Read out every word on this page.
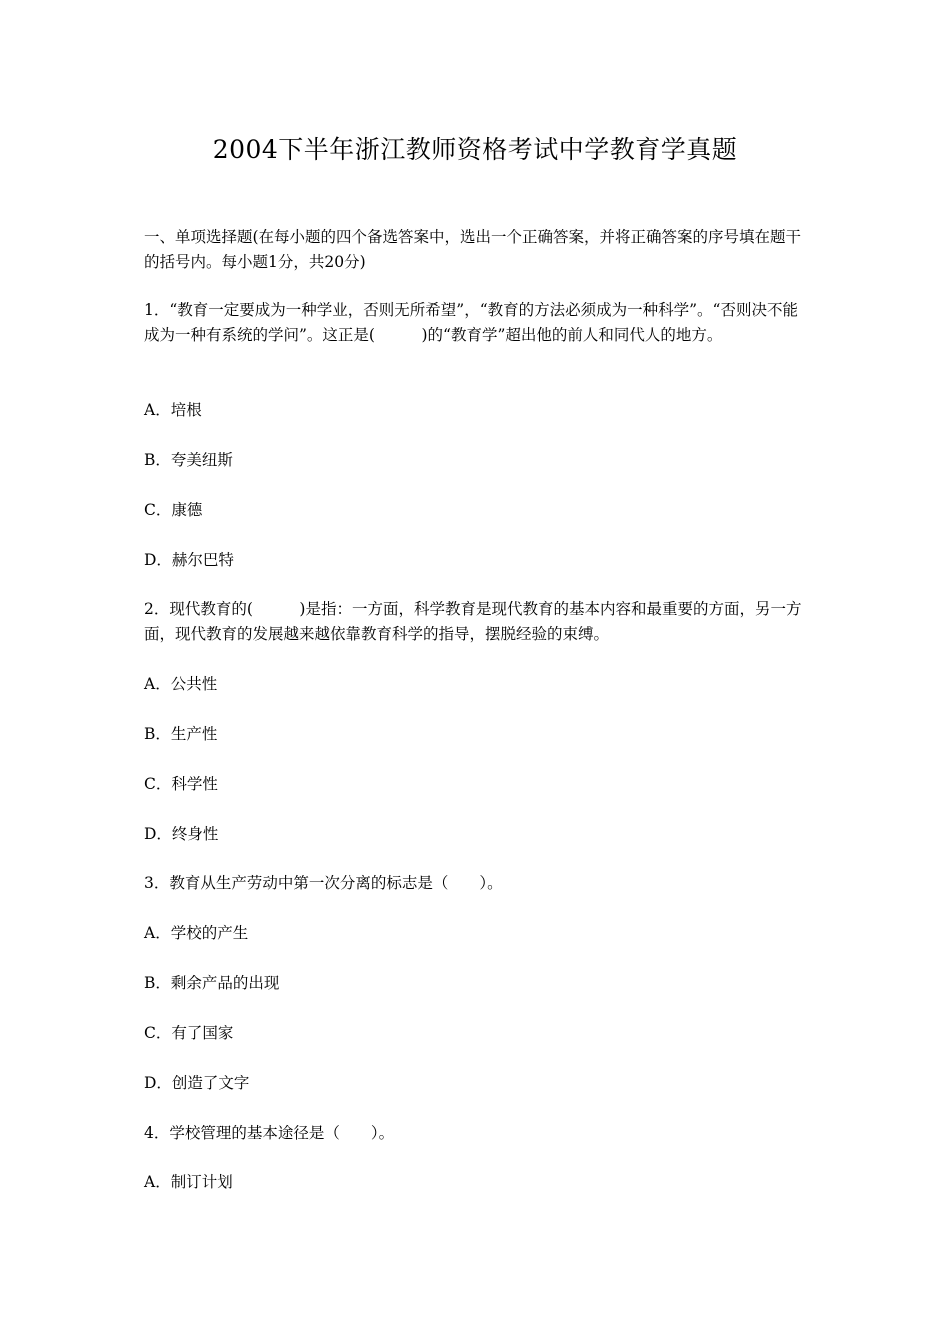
2004下半年浙江教师资格考试中学教育学真题

一、单项选择题(在每小题的四个备选答案中，选出一个正确答案，并将正确答案的序号填在题干的括号内。每小题1分，共20分)

1．“教育一定要成为一种学业，否则无所希望”，“教育的方法必须成为一种科学”。“否则决不能成为一种有系统的学问”。这正是(　　　)的“教育学”超出他的前人和同代人的地方。

A．培根

B．夸美纽斯

C．康德

D．赫尔巴特

2．现代教育的(　　　)是指：一方面，科学教育是现代教育的基本内容和最重要的方面，另一方面，现代教育的发展越来越依靠教育科学的指导，摆脱经验的束缚。

A．公共性

B．生产性

C．科学性

D．终身性

3．教育从生产劳动中第一次分离的标志是（　　）。

A．学校的产生

B．剩余产品的出现

C．有了国家

D．创造了文字

4．学校管理的基本途径是（　　）。

A．制订计划
